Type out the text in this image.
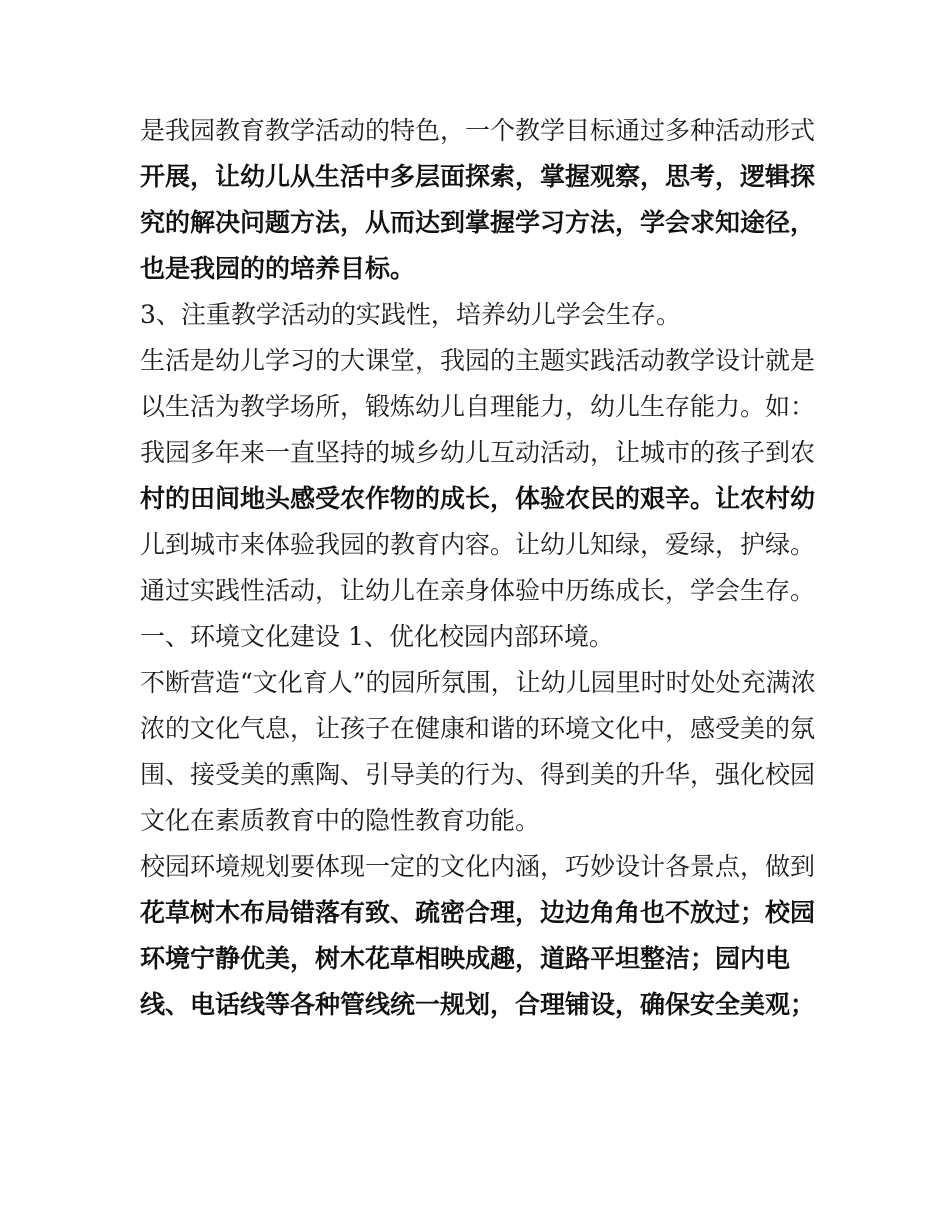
是我园教育教学活动的特色，一个教学目标通过多种活动形式
开展，让幼儿从生活中多层面探索，掌握观察，思考，逻辑探
究的解决问题方法，从而达到掌握学习方法，学会求知途径，
也是我园的的培养目标。
3、注重教学活动的实践性，培养幼儿学会生存。
生活是幼儿学习的大课堂，我园的主题实践活动教学设计就是
以生活为教学场所，锻炼幼儿自理能力，幼儿生存能力。如：
我园多年来一直坚持的城乡幼儿互动活动，让城市的孩子到农
村的田间地头感受农作物的成长，体验农民的艰辛。让农村幼
儿到城市来体验我园的教育内容。让幼儿知绿，爱绿，护绿。
通过实践性活动，让幼儿在亲身体验中历练成长，学会生存。
一、环境文化建设 1、优化校园内部环境。
不断营造“文化育人”的园所氛围，让幼儿园里时时处处充满浓
浓的文化气息，让孩子在健康和谐的环境文化中，感受美的氛
围、接受美的熏陶、引导美的行为、得到美的升华，强化校园
文化在素质教育中的隐性教育功能。
校园环境规划要体现一定的文化内涵，巧妙设计各景点，做到
花草树木布局错落有致、疏密合理，边边角角也不放过；校园
环境宁静优美，树木花草相映成趣，道路平坦整洁；园内电
线、电话线等各种管线统一规划，合理铺设，确保安全美观；
